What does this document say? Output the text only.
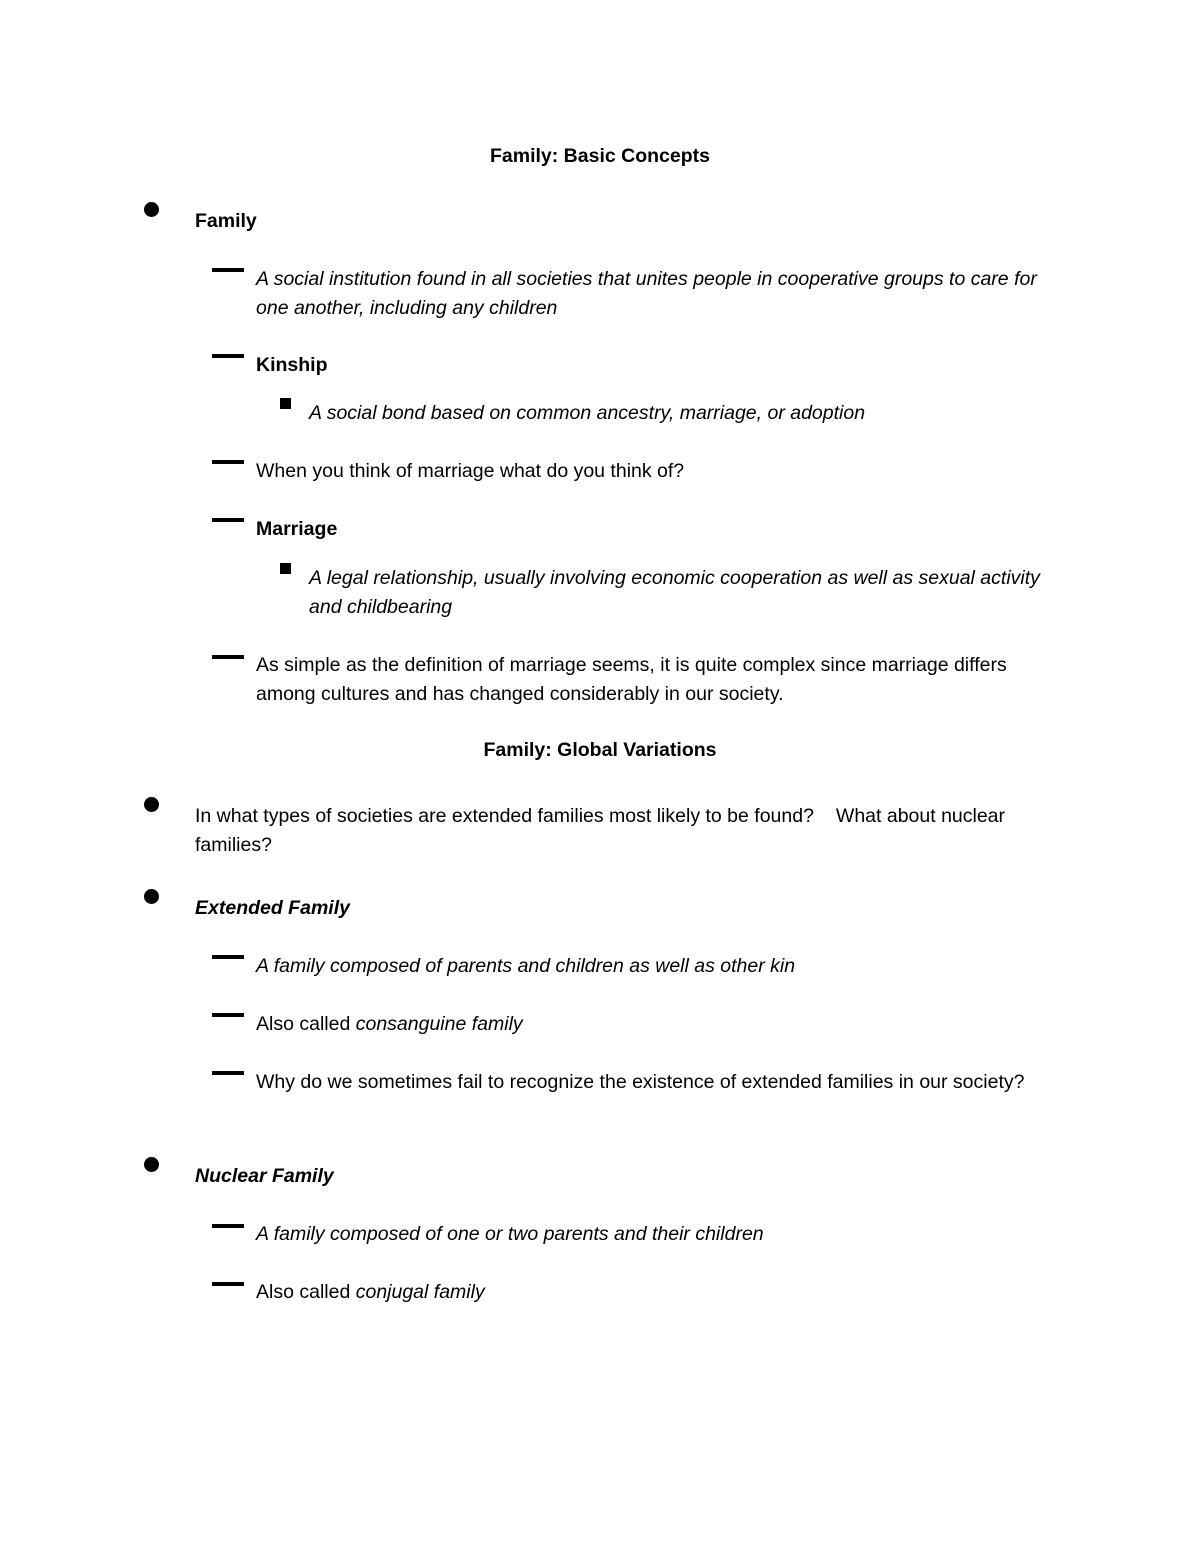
Family: Basic Concepts
Family
A social institution found in all societies that unites people in cooperative groups to care for one another, including any children
Kinship
A social bond based on common ancestry, marriage, or adoption
When you think of marriage what do you think of?
Marriage
A legal relationship, usually involving economic cooperation as well as sexual activity and childbearing
As simple as the definition of marriage seems, it is quite complex since marriage differs among cultures and has changed considerably in our society.
Family: Global Variations
In what types of societies are extended families most likely to be found? What about nuclear families?
Extended Family
A family composed of parents and children as well as other kin
Also called consanguine family
Why do we sometimes fail to recognize the existence of extended families in our society?
Nuclear Family
A family composed of one or two parents and their children
Also called conjugal family
